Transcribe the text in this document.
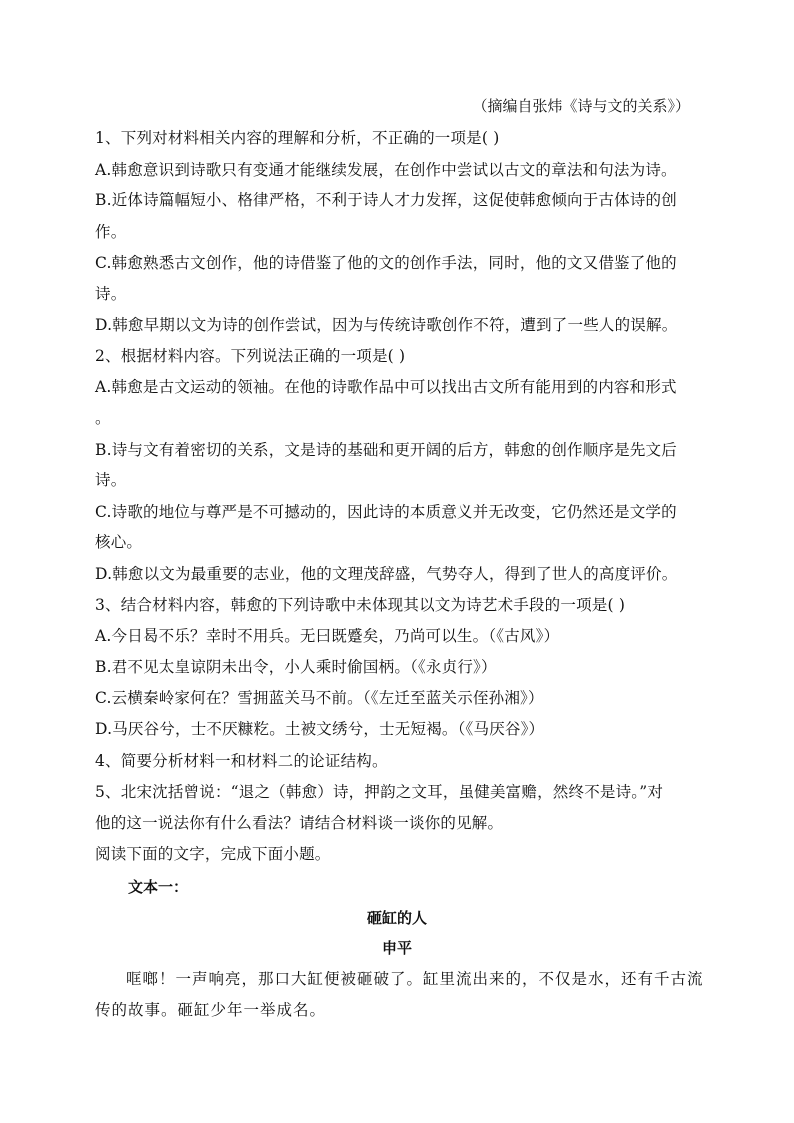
（摘编自张炜《诗与文的关系》）
1、下列对材料相关内容的理解和分析，不正确的一项是( )
A.韩愈意识到诗歌只有变通才能继续发展，在创作中尝试以古文的章法和句法为诗。
B.近体诗篇幅短小、格律严格，不利于诗人才力发挥，这促使韩愈倾向于古体诗的创
作。
C.韩愈熟悉古文创作，他的诗借鉴了他的文的创作手法，同时，他的文又借鉴了他的
诗。
D.韩愈早期以文为诗的创作尝试，因为与传统诗歌创作不符，遭到了一些人的误解。
2、根据材料内容。下列说法正确的一项是( )
A.韩愈是古文运动的领袖。在他的诗歌作品中可以找出古文所有能用到的内容和形式
。
B.诗与文有着密切的关系，文是诗的基础和更开阔的后方，韩愈的创作顺序是先文后
诗。
C.诗歌的地位与尊严是不可撼动的，因此诗的本质意义并无改变，它仍然还是文学的
核心。
D.韩愈以文为最重要的志业，他的文理茂辞盛，气势夺人，得到了世人的高度评价。
3、结合材料内容，韩愈的下列诗歌中未体现其以文为诗艺术手段的一项是( )
A.今日曷不乐？幸时不用兵。无曰既蹙矣，乃尚可以生。（《古风》）
B.君不见太皇谅阴未出令，小人乘时偷国柄。（《永贞行》）
C.云横秦岭家何在？雪拥蓝关马不前。（《左迁至蓝关示侄孙湘》）
D.马厌谷兮，士不厌糠籺。土被文绣兮，士无短褐。（《马厌谷》）
4、简要分析材料一和材料二的论证结构。
5、北宋沈括曾说：“退之（韩愈）诗，押韵之文耳，虽健美富赡，然终不是诗。”对
他的这一说法你有什么看法？请结合材料谈一谈你的见解。
阅读下面的文字，完成下面小题。
文本一：
砸缸的人
申平
哐啷！一声响亮，那口大缸便被砸破了。缸里流出来的，不仅是水，还有千古流
传的故事。砸缸少年一举成名。
